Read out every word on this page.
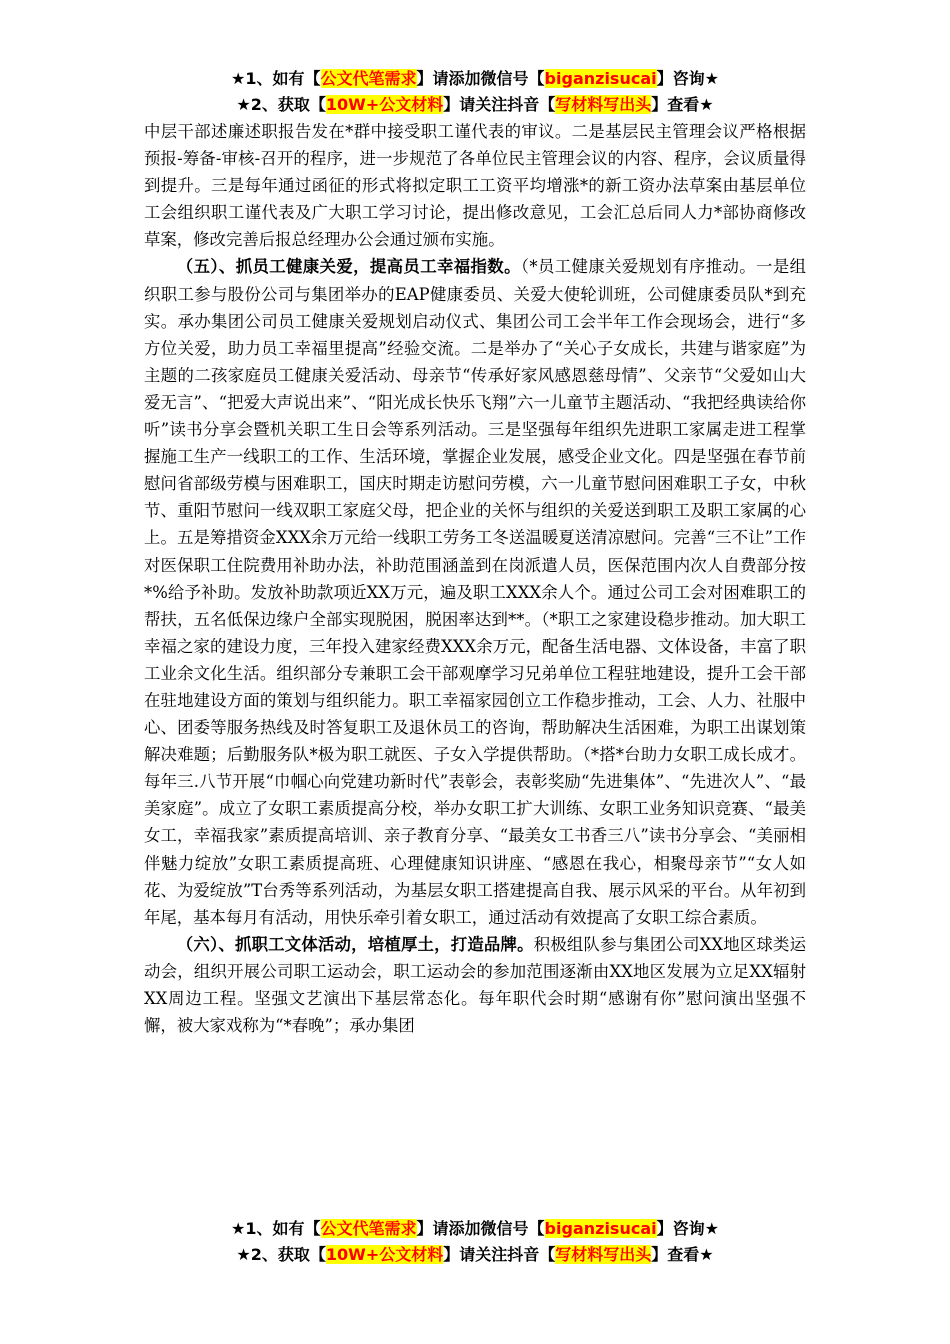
★1、如有【公文代笔需求】请添加微信号【biganzisucai】咨询★
★2、获取【10W+公文材料】请关注抖音【写材料写出头】查看★

中层干部述廉述职报告发在*群中接受职工谨代表的审议。二是基层民主管理会议严格根据预报-筹备-审核-召开的程序，进一步规范了各单位民主管理会议的内容、程序，会议质量得到提升。三是每年通过函征的形式将拟定职工工资平均增涨*的新工资办法草案由基层单位工会组织职工谨代表及广大职工学习讨论，提出修改意见，工会汇总后同人力*部协商修改草案，修改完善后报总经理办公会通过颁布实施。

（五）、抓员工健康关爱，提高员工幸福指数。（*员工健康关爱规划有序推动。一是组织职工参与股份公司与集团举办的EAP健康委员、关爱大使轮训班，公司健康委员队*到充实。承办集团公司员工健康关爱规划启动仪式、集团公司工会半年工作会现场会，进行“多方位关爱，助力员工幸福里提高”经验交流。二是举办了“关心子女成长，共建与谐家庭”为主题的二孩家庭员工健康关爱活动、母亲节“传承好家风感恩慈母情”、父亲节“父爱如山大爱无言”、“把爱大声说出来”、“阳光成长快乐飞翔”六一儿童节主题活动、“我把经典读给你听”读书分享会暨机关职工生日会等系列活动。三是坚强每年组织先进职工家属走进工程掌握施工生产一线职工的工作、生活环境，掌握企业发展，感受企业文化。四是坚强在春节前慰问省部级劳模与困难职工，国庆时期走访慰问劳模，六一儿童节慰问困难职工子女，中秋节、重阳节慰问一线双职工家庭父母，把企业的关怀与组织的关爱送到职工及职工家属的心上。五是筹措资金XXX余万元给一线职工劳务工冬送温暖夏送清凉慰问。完善“三不让”工作对医保职工住院费用补助办法，补助范围涵盖到在岗派遣人员，医保范围内次人自费部分按*%给予补助。发放补助款项近XX万元，遍及职工XXX余人个。通过公司工会对困难职工的帮扶，五名低保边缘户全部实现脱困，脱困率达到**。（*职工之家建设稳步推动。加大职工幸福之家的建设力度，三年投入建家经费XXX余万元，配备生活电器、文体设备，丰富了职工业余文化生活。组织部分专兼职工会干部观摩学习兄弟单位工程驻地建设，提升工会干部在驻地建设方面的策划与组织能力。职工幸福家园创立工作稳步推动，工会、人力、社服中心、团委等服务热线及时答复职工及退休员工的咨询，帮助解决生活困难，为职工出谋划策解决难题；后勤服务队*极为职工就医、子女入学提供帮助。（*搭*台助力女职工成长成才。每年三.八节开展“巾帼心向党建功新时代”表彰会，表彰奖励“先进集体”、“先进次人”、“最美家庭”。成立了女职工素质提高分校，举办女职工扩大训练、女职工业务知识竞赛、“最美女工，幸福我家”素质提高培训、亲子教育分享、“最美女工书香三八”读书分享会、“美丽相伴魅力绽放”女职工素质提高班、心理健康知识讲座、“感恩在我心，相聚母亲节”“女人如花、为爱绽放”T台秀等系列活动，为基层女职工搭建提高自我、展示风采的平台。从年初到年尾，基本每月有活动，用快乐牵引着女职工，通过活动有效提高了女职工综合素质。

（六）、抓职工文体活动，培植厚土，打造品牌。积极组队参与集团公司XX地区球类运动会，组织开展公司职工运动会，职工运动会的参加范围逐渐由XX地区发展为立足XX辐射XX周边工程。坚强文艺演出下基层常态化。每年职代会时期“感谢有你”慰问演出坚强不懈，被大家戏称为“*春晚”；承办集团

★1、如有【公文代笔需求】请添加微信号【biganzisucai】咨询★
★2、获取【10W+公文材料】请关注抖音【写材料写出头】查看★
